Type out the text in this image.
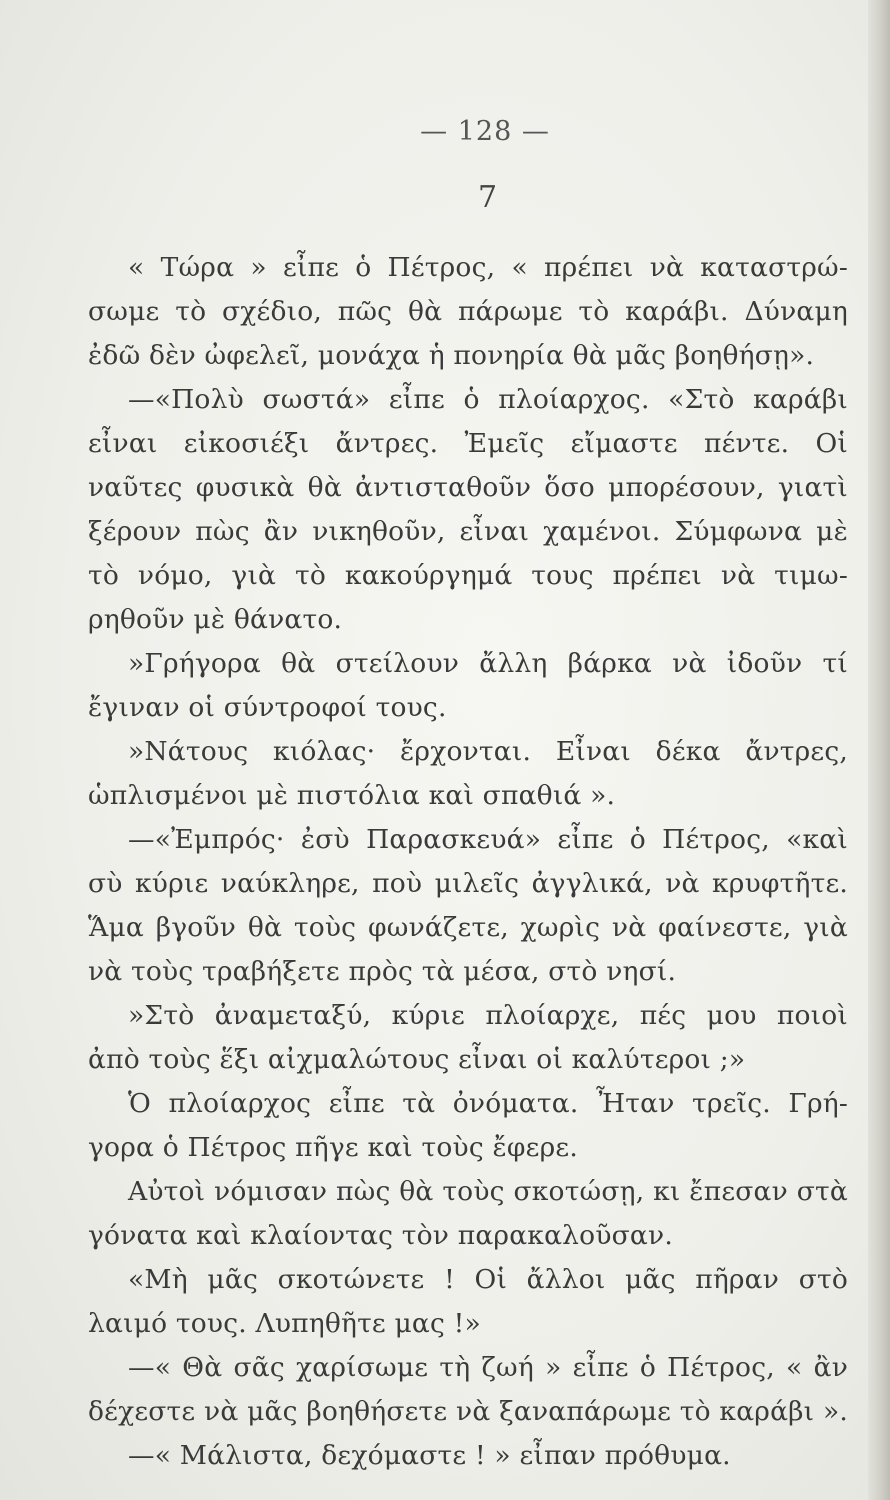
— 128 —
7
« Τώρα » εἶπε ὁ Πέτρος, « πρέπει νὰ καταστρώ-
σωμε τὸ σχέδιο, πῶς θὰ πάρωμε τὸ καράβι. Δύναμη
ἐδῶ δὲν ὠφελεῖ, μονάχα ἡ πονηρία θὰ μᾶς βοηθήσῃ».
—«Πολὺ σωστά» εἶπε ὁ πλοίαρχος. «Στὸ καράβι
εἶναι εἰκοσιέξι ἄντρες. Ἐμεῖς εἴμαστε πέντε. Οἱ
ναῦτες φυσικὰ θὰ ἀντισταθοῦν ὅσο μπορέσουν, γιατὶ
ξέρουν πὼς ἂν νικηθοῦν, εἶναι χαμένοι. Σύμφωνα μὲ
τὸ νόμο, γιὰ τὸ κακούργημά τους πρέπει νὰ τιμω-
ρηθοῦν μὲ θάνατο.
»Γρήγορα θὰ στείλουν ἄλλη βάρκα νὰ ἰδοῦν τί
ἔγιναν οἱ σύντροφοί τους.
»Νάτους κιόλας· ἔρχονται. Εἶναι δέκα ἄντρες,
ὡπλισμένοι μὲ πιστόλια καὶ σπαθιά ».
—«Ἐμπρός· ἐσὺ Παρασκευά» εἶπε ὁ Πέτρος, «καὶ
σὺ κύριε ναύκληρε, ποὺ μιλεῖς ἀγγλικά, νὰ κρυφτῆτε.
Ἅμα βγοῦν θὰ τοὺς φωνάζετε, χωρὶς νὰ φαίνεστε, γιὰ
νὰ τοὺς τραβήξετε πρὸς τὰ μέσα, στὸ νησί.
»Στὸ ἀναμεταξύ, κύριε πλοίαρχε, πές μου ποιοὶ
ἀπὸ τοὺς ἕξι αἰχμαλώτους εἶναι οἱ καλύτεροι ;»
Ὁ πλοίαρχος εἶπε τὰ ὀνόματα. Ἦταν τρεῖς. Γρή-
γορα ὁ Πέτρος πῆγε καὶ τοὺς ἔφερε.
Αὐτοὶ νόμισαν πὼς θὰ τοὺς σκοτώσῃ, κι ἔπεσαν στὰ
γόνατα καὶ κλαίοντας τὸν παρακαλοῦσαν.
«Μὴ μᾶς σκοτώνετε ! Οἱ ἄλλοι μᾶς πῆραν στὸ
λαιμό τους. Λυπηθῆτε μας !»
—« Θὰ σᾶς χαρίσωμε τὴ ζωή » εἶπε ὁ Πέτρος, « ἂν
δέχεστε νὰ μᾶς βοηθήσετε νὰ ξαναπάρωμε τὸ καράβι ».
—« Μάλιστα, δεχόμαστε ! » εἶπαν πρόθυμα.
